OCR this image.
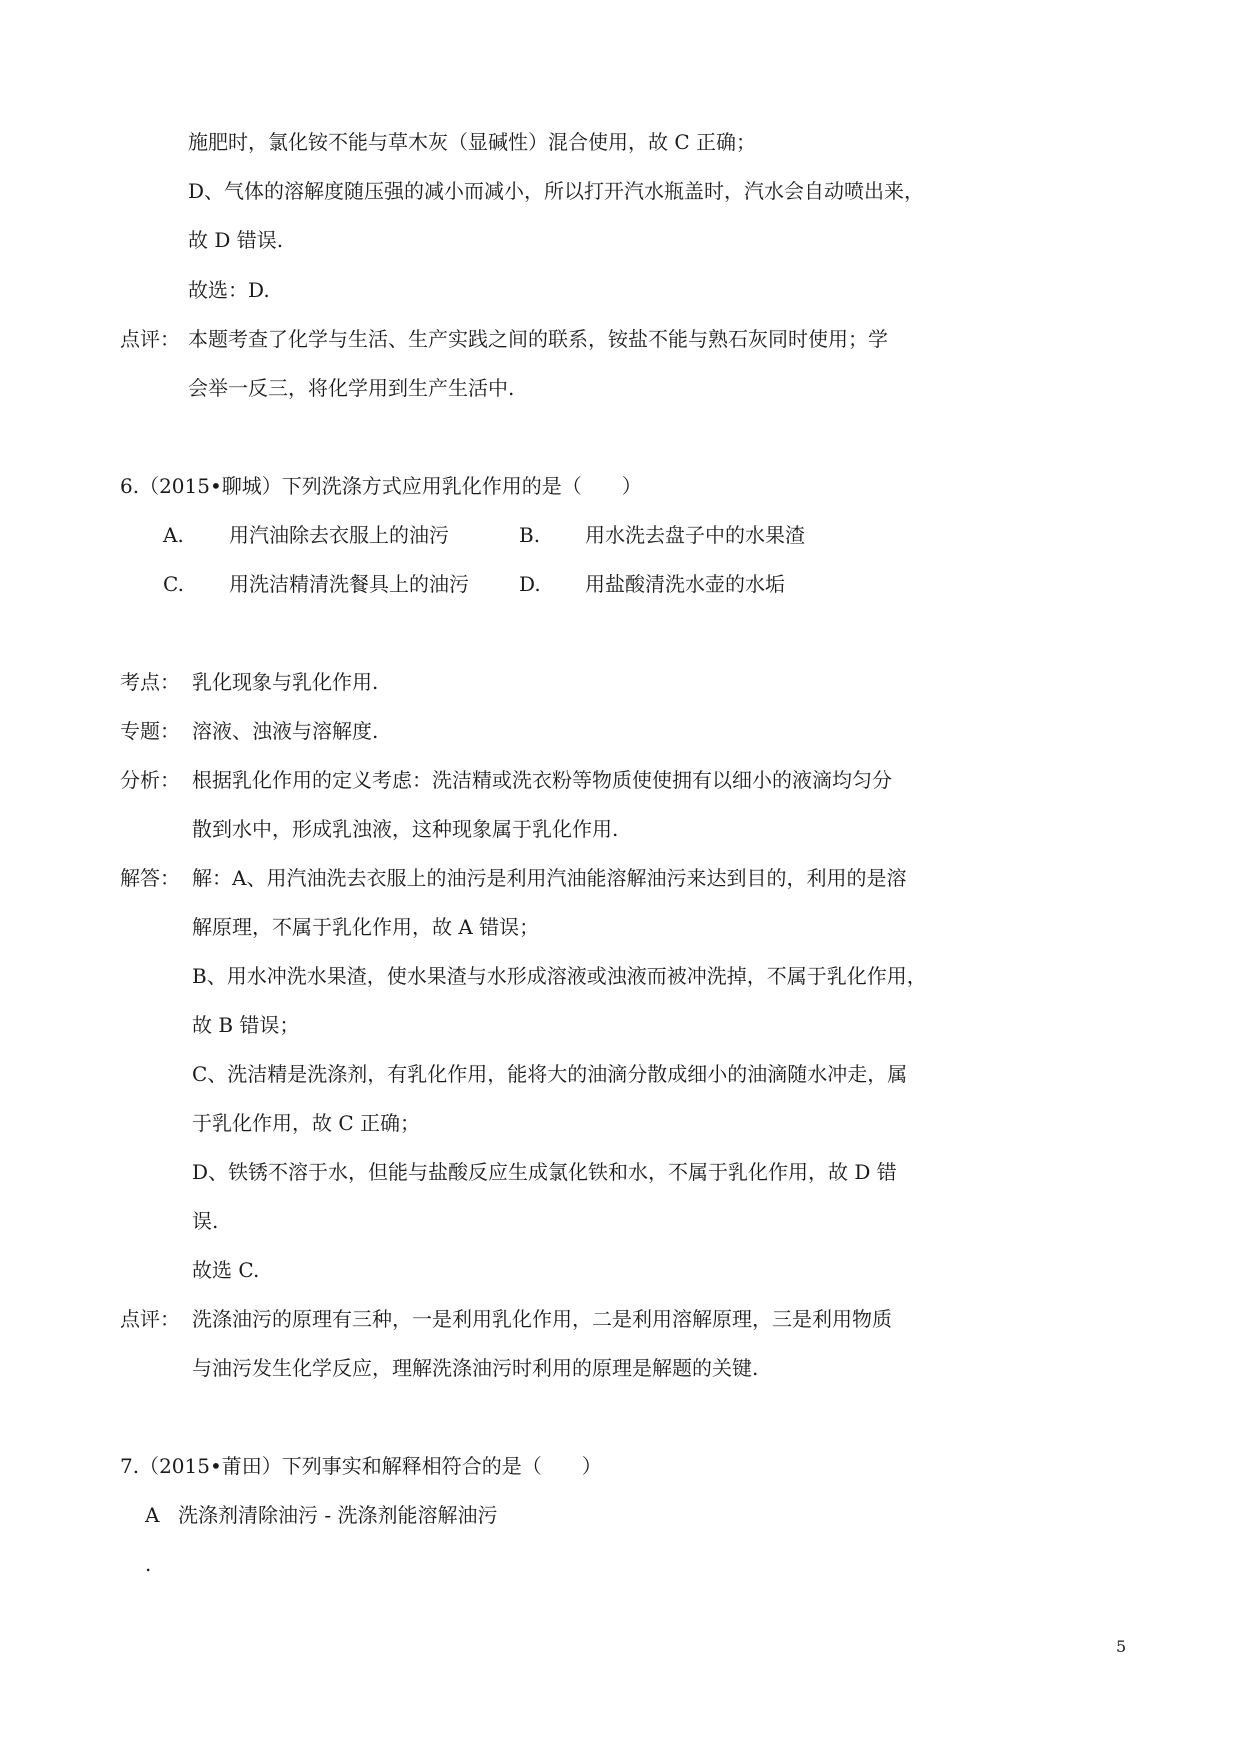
施肥时，氯化铵不能与草木灰（显碱性）混合使用，故 C 正确；
D、气体的溶解度随压强的减小而减小，所以打开汽水瓶盖时，汽水会自动喷出来，
故 D 错误.
故选：D.
点评： 本题考查了化学与生活、生产实践之间的联系，铵盐不能与熟石灰同时使用；学
会举一反三，将化学用到生产生活中.
6.（2015•聊城）下列洗涤方式应用乳化作用的是（　　）
A. 用汽油除去衣服上的油污	B. 用水洗去盘子中的水果渣
C. 用洗洁精清洗餐具上的油污	D. 用盐酸清洗水壶的水垢
考点： 乳化现象与乳化作用.
专题： 溶液、浊液与溶解度.
分析： 根据乳化作用的定义考虑：洗洁精或洗衣粉等物质使使拥有以细小的液滴均匀分
散到水中，形成乳浊液，这种现象属于乳化作用.
解答： 解：A、用汽油洗去衣服上的油污是利用汽油能溶解油污来达到目的，利用的是溶
解原理，不属于乳化作用，故 A 错误；
B、用水冲洗水果渣，使水果渣与水形成溶液或浊液而被冲洗掉，不属于乳化作用，
故 B 错误；
C、洗洁精是洗涤剂，有乳化作用，能将大的油滴分散成细小的油滴随水冲走，属
于乳化作用，故 C 正确；
D、铁锈不溶于水，但能与盐酸反应生成氯化铁和水，不属于乳化作用，故 D 错
误.
故选 C.
点评： 洗涤油污的原理有三种，一是利用乳化作用，二是利用溶解原理，三是利用物质
与油污发生化学反应，理解洗涤油污时利用的原理是解题的关键.
7.（2015•莆田）下列事实和解释相符合的是（　　）
A 洗涤剂清除油污 - 洗涤剂能溶解油污
.
5
